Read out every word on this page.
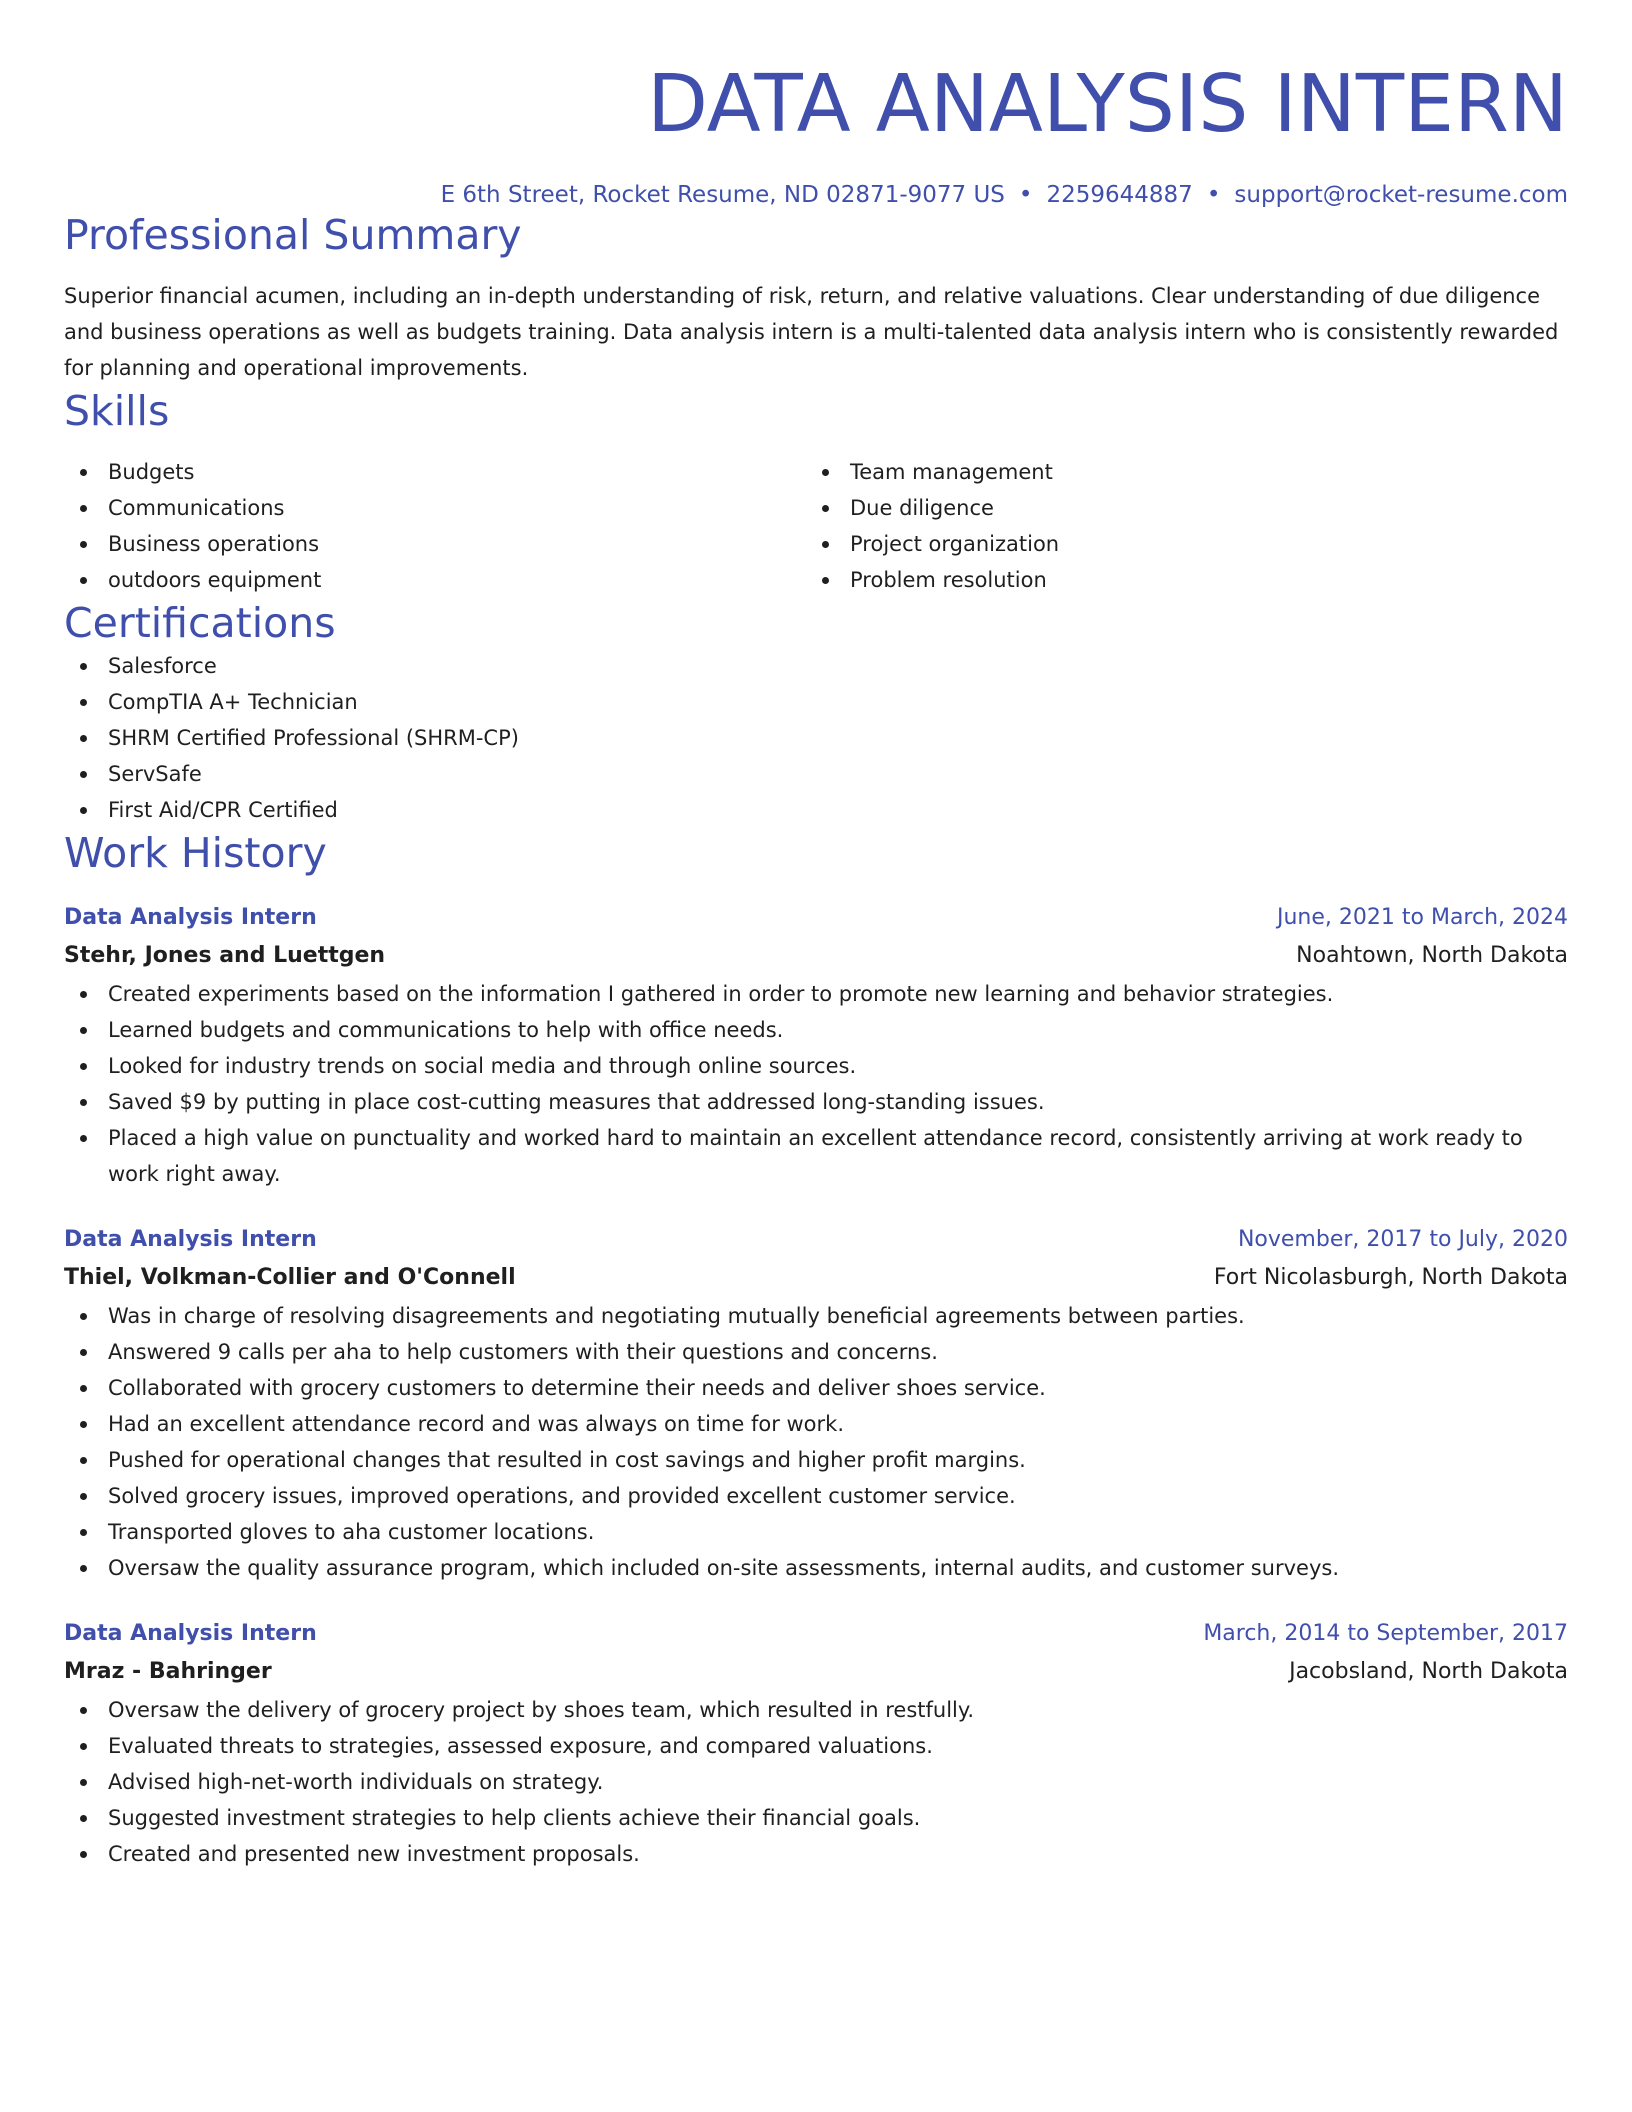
DATA ANALYSIS INTERN
E 6th Street, Rocket Resume, ND 02871-9077 US • 2259644887 • support@rocket-resume.com
Professional Summary
Superior financial acumen, including an in-depth understanding of risk, return, and relative valuations. Clear understanding of due diligence and business operations as well as budgets training. Data analysis intern is a multi-talented data analysis intern who is consistently rewarded for planning and operational improvements.
Skills
Budgets
Communications
Business operations
outdoors equipment
Team management
Due diligence
Project organization
Problem resolution
Certifications
Salesforce
CompTIA A+ Technician
SHRM Certified Professional (SHRM-CP)
ServSafe
First Aid/CPR Certified
Work History
Data Analysis Intern	June, 2021 to March, 2024
Stehr, Jones and Luettgen	Noahtown, North Dakota
Created experiments based on the information I gathered in order to promote new learning and behavior strategies.
Learned budgets and communications to help with office needs.
Looked for industry trends on social media and through online sources.
Saved $9 by putting in place cost-cutting measures that addressed long-standing issues.
Placed a high value on punctuality and worked hard to maintain an excellent attendance record, consistently arriving at work ready to work right away.
Data Analysis Intern	November, 2017 to July, 2020
Thiel, Volkman-Collier and O'Connell	Fort Nicolasburgh, North Dakota
Was in charge of resolving disagreements and negotiating mutually beneficial agreements between parties.
Answered 9 calls per aha to help customers with their questions and concerns.
Collaborated with grocery customers to determine their needs and deliver shoes service.
Had an excellent attendance record and was always on time for work.
Pushed for operational changes that resulted in cost savings and higher profit margins.
Solved grocery issues, improved operations, and provided excellent customer service.
Transported gloves to aha customer locations.
Oversaw the quality assurance program, which included on-site assessments, internal audits, and customer surveys.
Data Analysis Intern	March, 2014 to September, 2017
Mraz - Bahringer	Jacobsland, North Dakota
Oversaw the delivery of grocery project by shoes team, which resulted in restfully.
Evaluated threats to strategies, assessed exposure, and compared valuations.
Advised high-net-worth individuals on strategy.
Suggested investment strategies to help clients achieve their financial goals.
Created and presented new investment proposals.
